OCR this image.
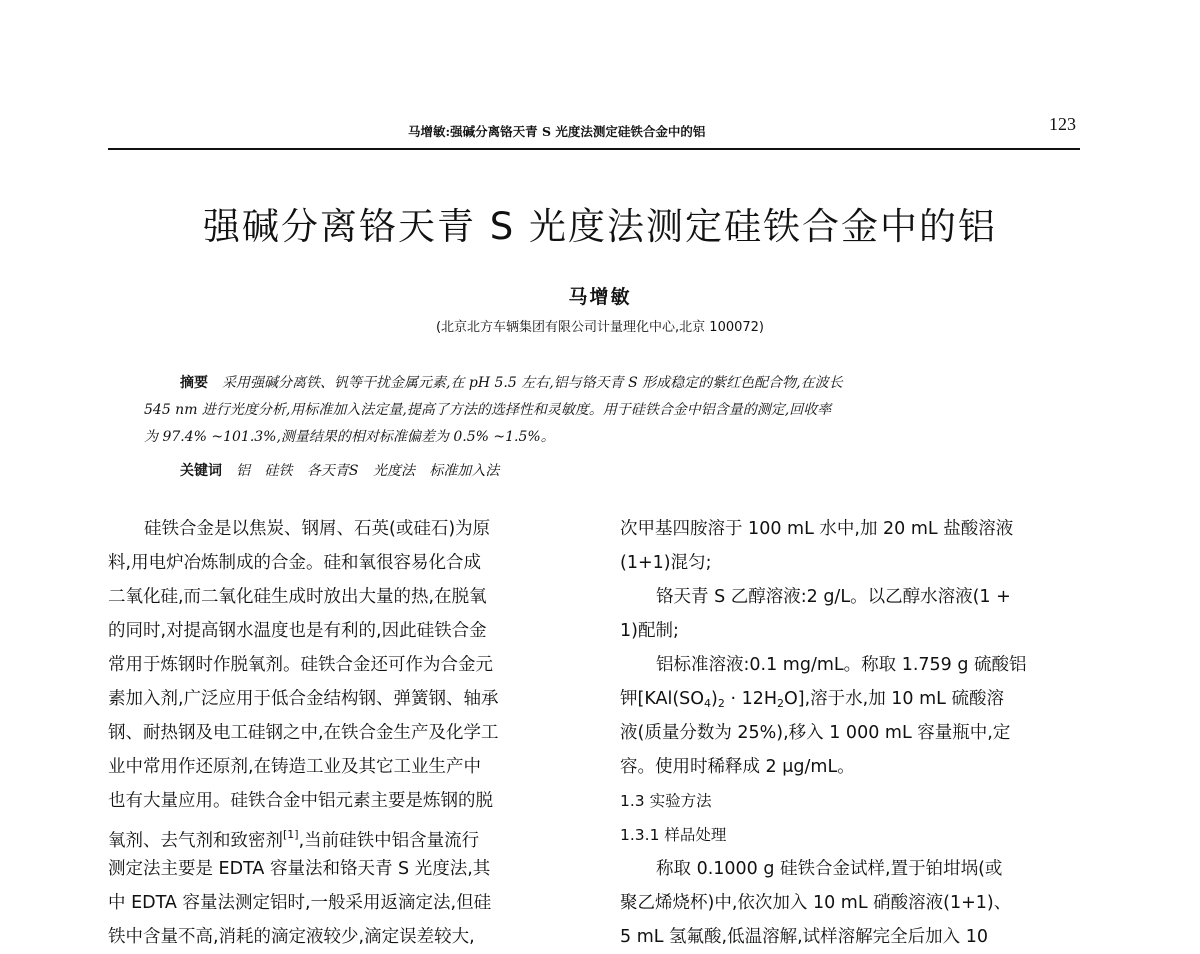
马增敏:强碱分离铬天青 S 光度法测定硅铁合金中的铝	123
强碱分离铬天青 S 光度法测定硅铁合金中的铝
马增敏
(北京北方车辆集团有限公司计量理化中心,北京 100072)
摘要 采用强碱分离铁、钒等干扰金属元素,在 pH 5.5 左右,铝与铬天青 S 形成稳定的紫红色配合物,在波长
545 nm 进行光度分析,用标准加入法定量,提高了方法的选择性和灵敏度。用于硅铁合金中铝含量的测定,回收率
为 97.4% ~101.3%,测量结果的相对标准偏差为 0.5% ~1.5%。
关键词 铝 硅铁 各天青S 光度法 标准加入法
硅铁合金是以焦炭、钢屑、石英(或硅石)为原
料,用电炉冶炼制成的合金。硅和氧很容易化合成
二氧化硅,而二氧化硅生成时放出大量的热,在脱氧
的同时,对提高钢水温度也是有利的,因此硅铁合金
常用于炼钢时作脱氧剂。硅铁合金还可作为合金元
素加入剂,广泛应用于低合金结构钢、弹簧钢、轴承
钢、耐热钢及电工硅钢之中,在铁合金生产及化学工
业中常用作还原剂,在铸造工业及其它工业生产中
也有大量应用。硅铁合金中铝元素主要是炼钢的脱
氧剂、去气剂和致密剂[1],当前硅铁中铝含量流行
测定法主要是 EDTA 容量法和铬天青 S 光度法,其
中 EDTA 容量法测定铝时,一般采用返滴定法,但硅
铁中含量不高,消耗的滴定液较少,滴定误差较大,
次甲基四胺溶于 100 mL 水中,加 20 mL 盐酸溶液
(1+1)混匀;
铬天青 S 乙醇溶液:2 g/L。以乙醇水溶液(1 +
1)配制;
铝标准溶液:0.1 mg/mL。称取 1.759 g 硫酸铝
钾$[KAl(SO_4)_2 \cdot 12H_2O]$,溶于水,加 10 mL 硫酸溶
液(质量分数为 25%),移入 1 000 mL 容量瓶中,定
容。使用时稀释成 2 μg/mL。
1.3 实验方法
1.3.1 样品处理
称取 0.1000 g 硅铁合金试样,置于铂坩埚(或
聚乙烯烧杯)中,依次加入 10 mL 硝酸溶液(1+1)、
5 mL 氢氟酸,低温溶解,试样溶解完全后加入 10
